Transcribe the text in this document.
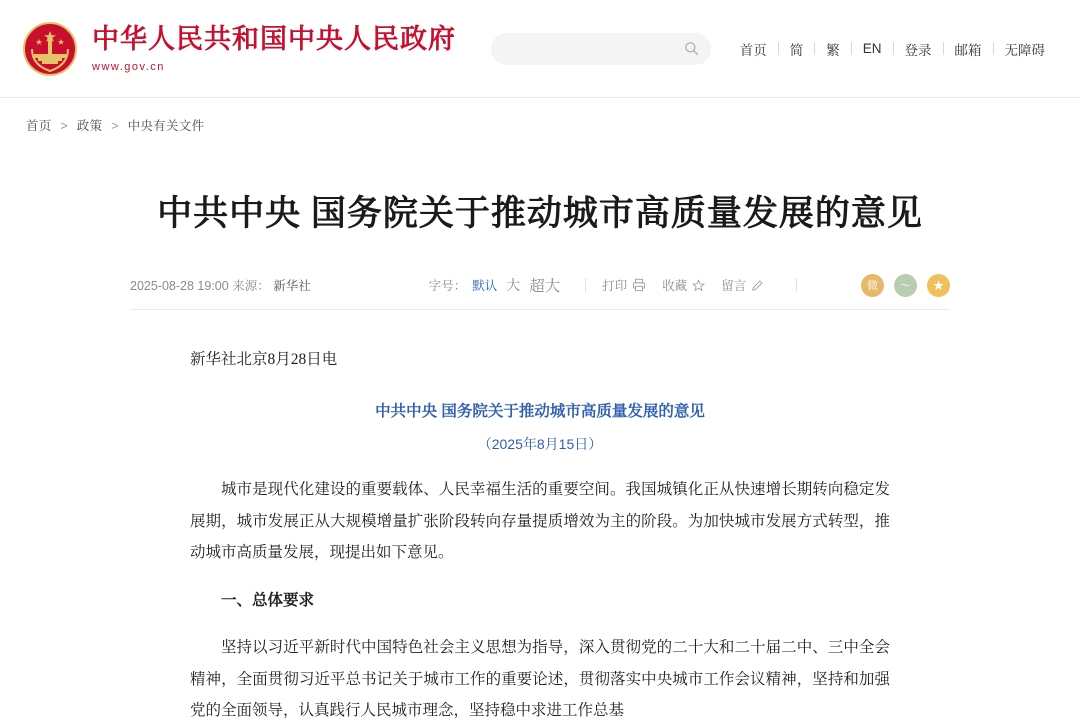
中华人民共和国中央人民政府
www.gov.cn
首页	简	繁	EN	登录	邮箱	无障碍
首页 > 政策 > 中央有关文件
中共中央 国务院关于推动城市高质量发展的意见
2025-08-28 19:00 来源： 新华社	字号： 默认 大 超大	打印	收藏	留言	微	〜	★
新华社北京8月28日电
中共中央 国务院关于推动城市高质量发展的意见
（2025年8月15日）

城市是现代化建设的重要载体、人民幸福生活的重要空间。我国城镇化正从快速增长期转向稳定发展期，城市发展正从大规模增量扩张阶段转向存量提质增效为主的阶段。为加快城市发展方式转型，推动城市高质量发展，现提出如下意见。

一、总体要求

坚持以习近平新时代中国特色社会主义思想为指导，深入贯彻党的二十大和二十届二中、三中全会精神，全面贯彻习近平总书记关于城市工作的重要论述，贯彻落实中央城市工作会议精神，坚持和加强党的全面领导，认真践行人民城市理念，坚持稳中求进工作总基
